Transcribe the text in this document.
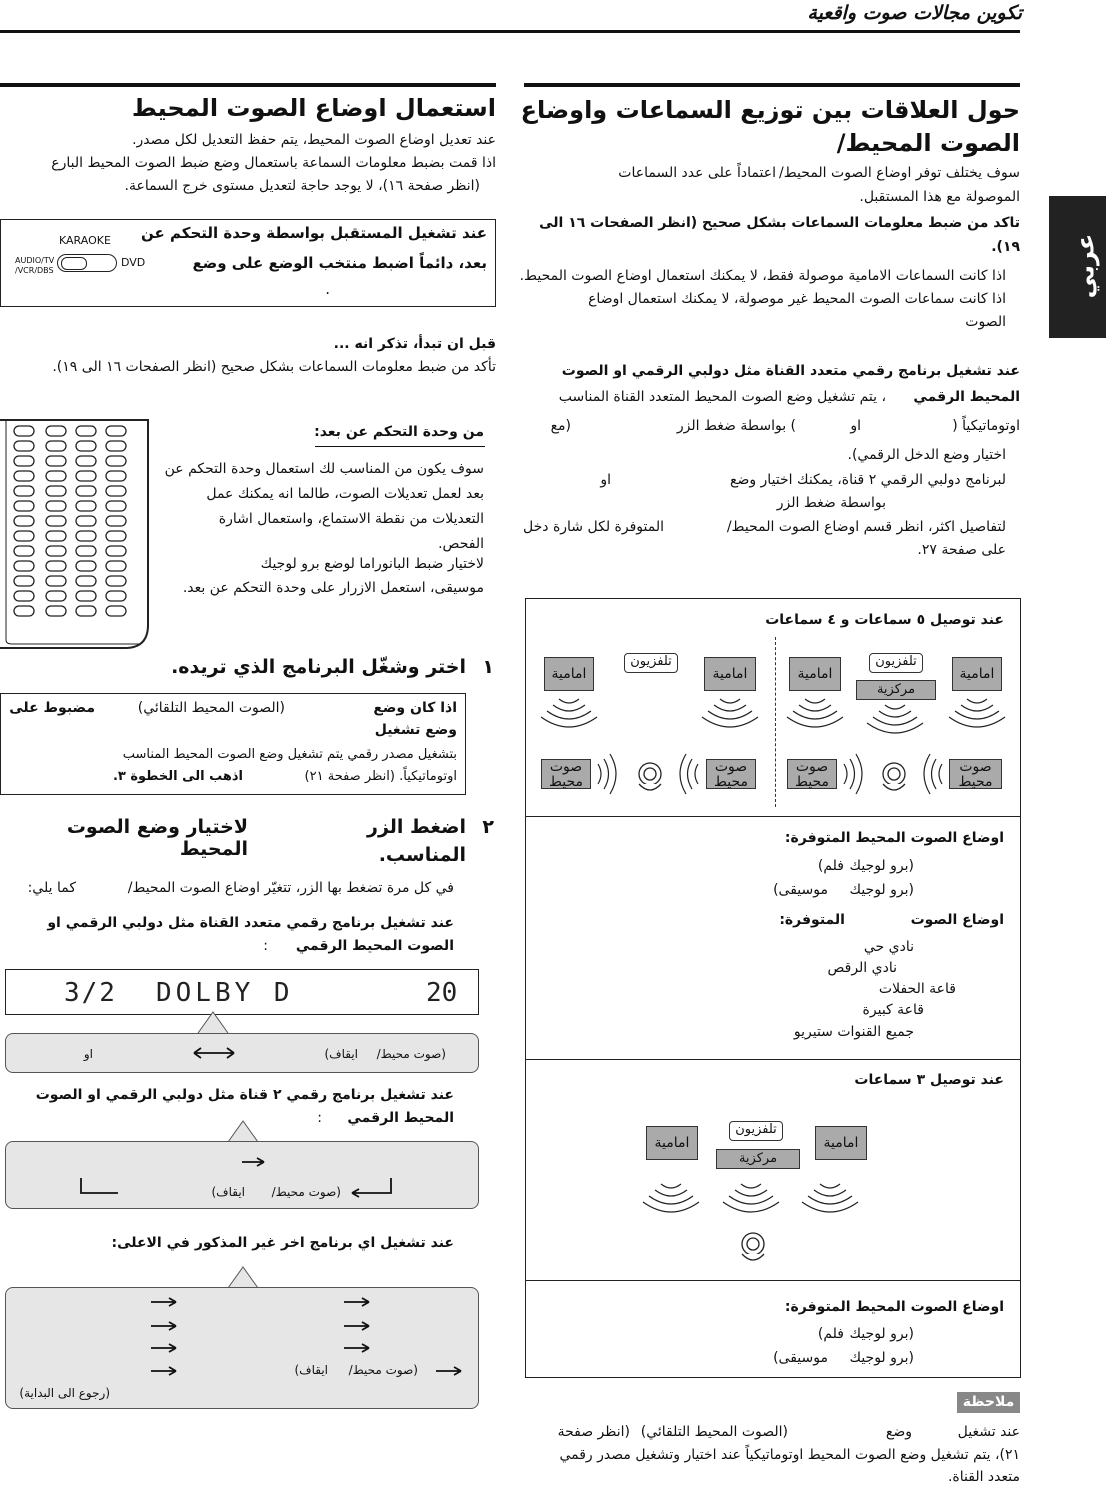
تكوين مجالات صوت واقعية
عربي
استعمال اوضاع الصوت المحيط
عند تعديل اوضاع الصوت المحيط، يتم حفظ التعديل لكل مصدر.
اذا قمت بضبط معلومات السماعة باستعمال وضع ضبط الصوت المحيط البارع
(انظر صفحة ١٦)، لا يوجد حاجة لتعديل مستوى خرج السماعة.
عند تشغيل المستقبل بواسطة وحدة التحكم عن
بعد، دائماً اضبط منتخب الوضع على وضع
.
KARAOKE
AUDIO/TV
/VCR/DBS
DVD
قبل ان تبدأ، تذكر انه ...
تأكد من ضبط معلومات السماعات بشكل صحيح (انظر الصفحات ١٦ الى ١٩).
من وحدة التحكم عن بعد:
سوف يكون من المناسب لك استعمال وحدة التحكم عن
بعد لعمل تعديلات الصوت، طالما انه يمكنك عمل
التعديلات من نقطة الاستماع، واستعمال اشارة
الفحص.
لاختيار ضبط البانوراما لوضع برو لوجيك
موسيقى، استعمل الازرار على وحدة التحكم عن بعد.
١
اختر وشغّل البرنامج الذي تريده.
اذا كان وضع
(الصوت المحيط التلقائي)
مضبوط على
وضع تشغيل
بتشغيل مصدر رقمي يتم تشغيل وضع الصوت المحيط المناسب
اوتوماتيكياً. (انظر صفحة ٢١)
اذهب الى الخطوة ٣.
٢
اضغط الزر
لاختيار وضع الصوت المحيط	المناسب.
في كل مرة تضغط بها الزر، تتغيّر اوضاع الصوت المحيط/
كما يلي:
عند تشغيل برنامج رقمي متعدد القناة مثل دولبي الرقمي او
الصوت المحيط الرقمي
:
3/2 DOLBY D	20
(صوت محيط/
ايقاف)
او
عند تشغيل برنامج رقمي ٢ قناة مثل دولبي الرقمي او الصوت
المحيط الرقمي
:
(صوت محيط/
ايقاف)
عند تشغيل اي برنامج اخر غير المذكور في الاعلى:
(صوت محيط/
ايقاف)
(رجوع الى البداية)
حول العلاقات بين توزيع السماعات واوضاع
الصوت المحيط/
سوف يختلف توفر اوضاع الصوت المحيط/
اعتماداً على عدد السماعات
الموصولة مع هذا المستقبل.
تاكد من ضبط معلومات السماعات بشكل صحيح (انظر الصفحات ١٦ الى
١٩).
اذا كانت السماعات الامامية موصولة فقط، لا يمكنك استعمال اوضاع الصوت المحيط.
اذا كانت سماعات الصوت المحيط غير موصولة، لا يمكنك استعمال اوضاع
الصوت
عند تشغيل برنامج رقمي متعدد القناة مثل دولبي الرقمي او الصوت
المحيط الرقمي
، يتم تشغيل وضع الصوت المحيط المتعدد القناة المناسب
اوتوماتيكياً (
او
) بواسطة ضغط الزر
(مع
اختيار وضع الدخل الرقمي).
لبرنامج دولبي الرقمي ٢ قناة، يمكنك اختيار وضع
او
بواسطة ضغط الزر
لتفاصيل اكثر، انظر قسم اوضاع الصوت المحيط/
المتوفرة لكل شارة دخل
على صفحة ٢٧.
عند توصيل ٥ سماعات و ٤ سماعات
امامية
امامية
تلفزيون
مركزية
صوت
محيط
صوت
محيط
امامية	امامية
تلفزيون
صوت
محيط
صوت
محيط
اوضاع الصوت المحيط المتوفرة:
(برو لوجيك
فلم)
(برو لوجيك
موسيقى)
اوضاع الصوت
المتوفرة:
نادي حي
نادي الرقص
قاعة الحفلات
قاعة كبيرة
جميع القنوات ستيريو
عند توصيل ٣ سماعات
امامية	امامية
تلفزيون
مركزية
اوضاع الصوت المحيط المتوفرة:
(برو لوجيك
فلم)
(برو لوجيك
موسيقى)
ملاحظة
عند تشغيل
وضع
(الصوت المحيط التلقائي)
(انظر صفحة
٢١)، يتم تشغيل وضع الصوت المحيط اوتوماتيكياً عند اختيار وتشغيل مصدر رقمي
متعدد القناة.
